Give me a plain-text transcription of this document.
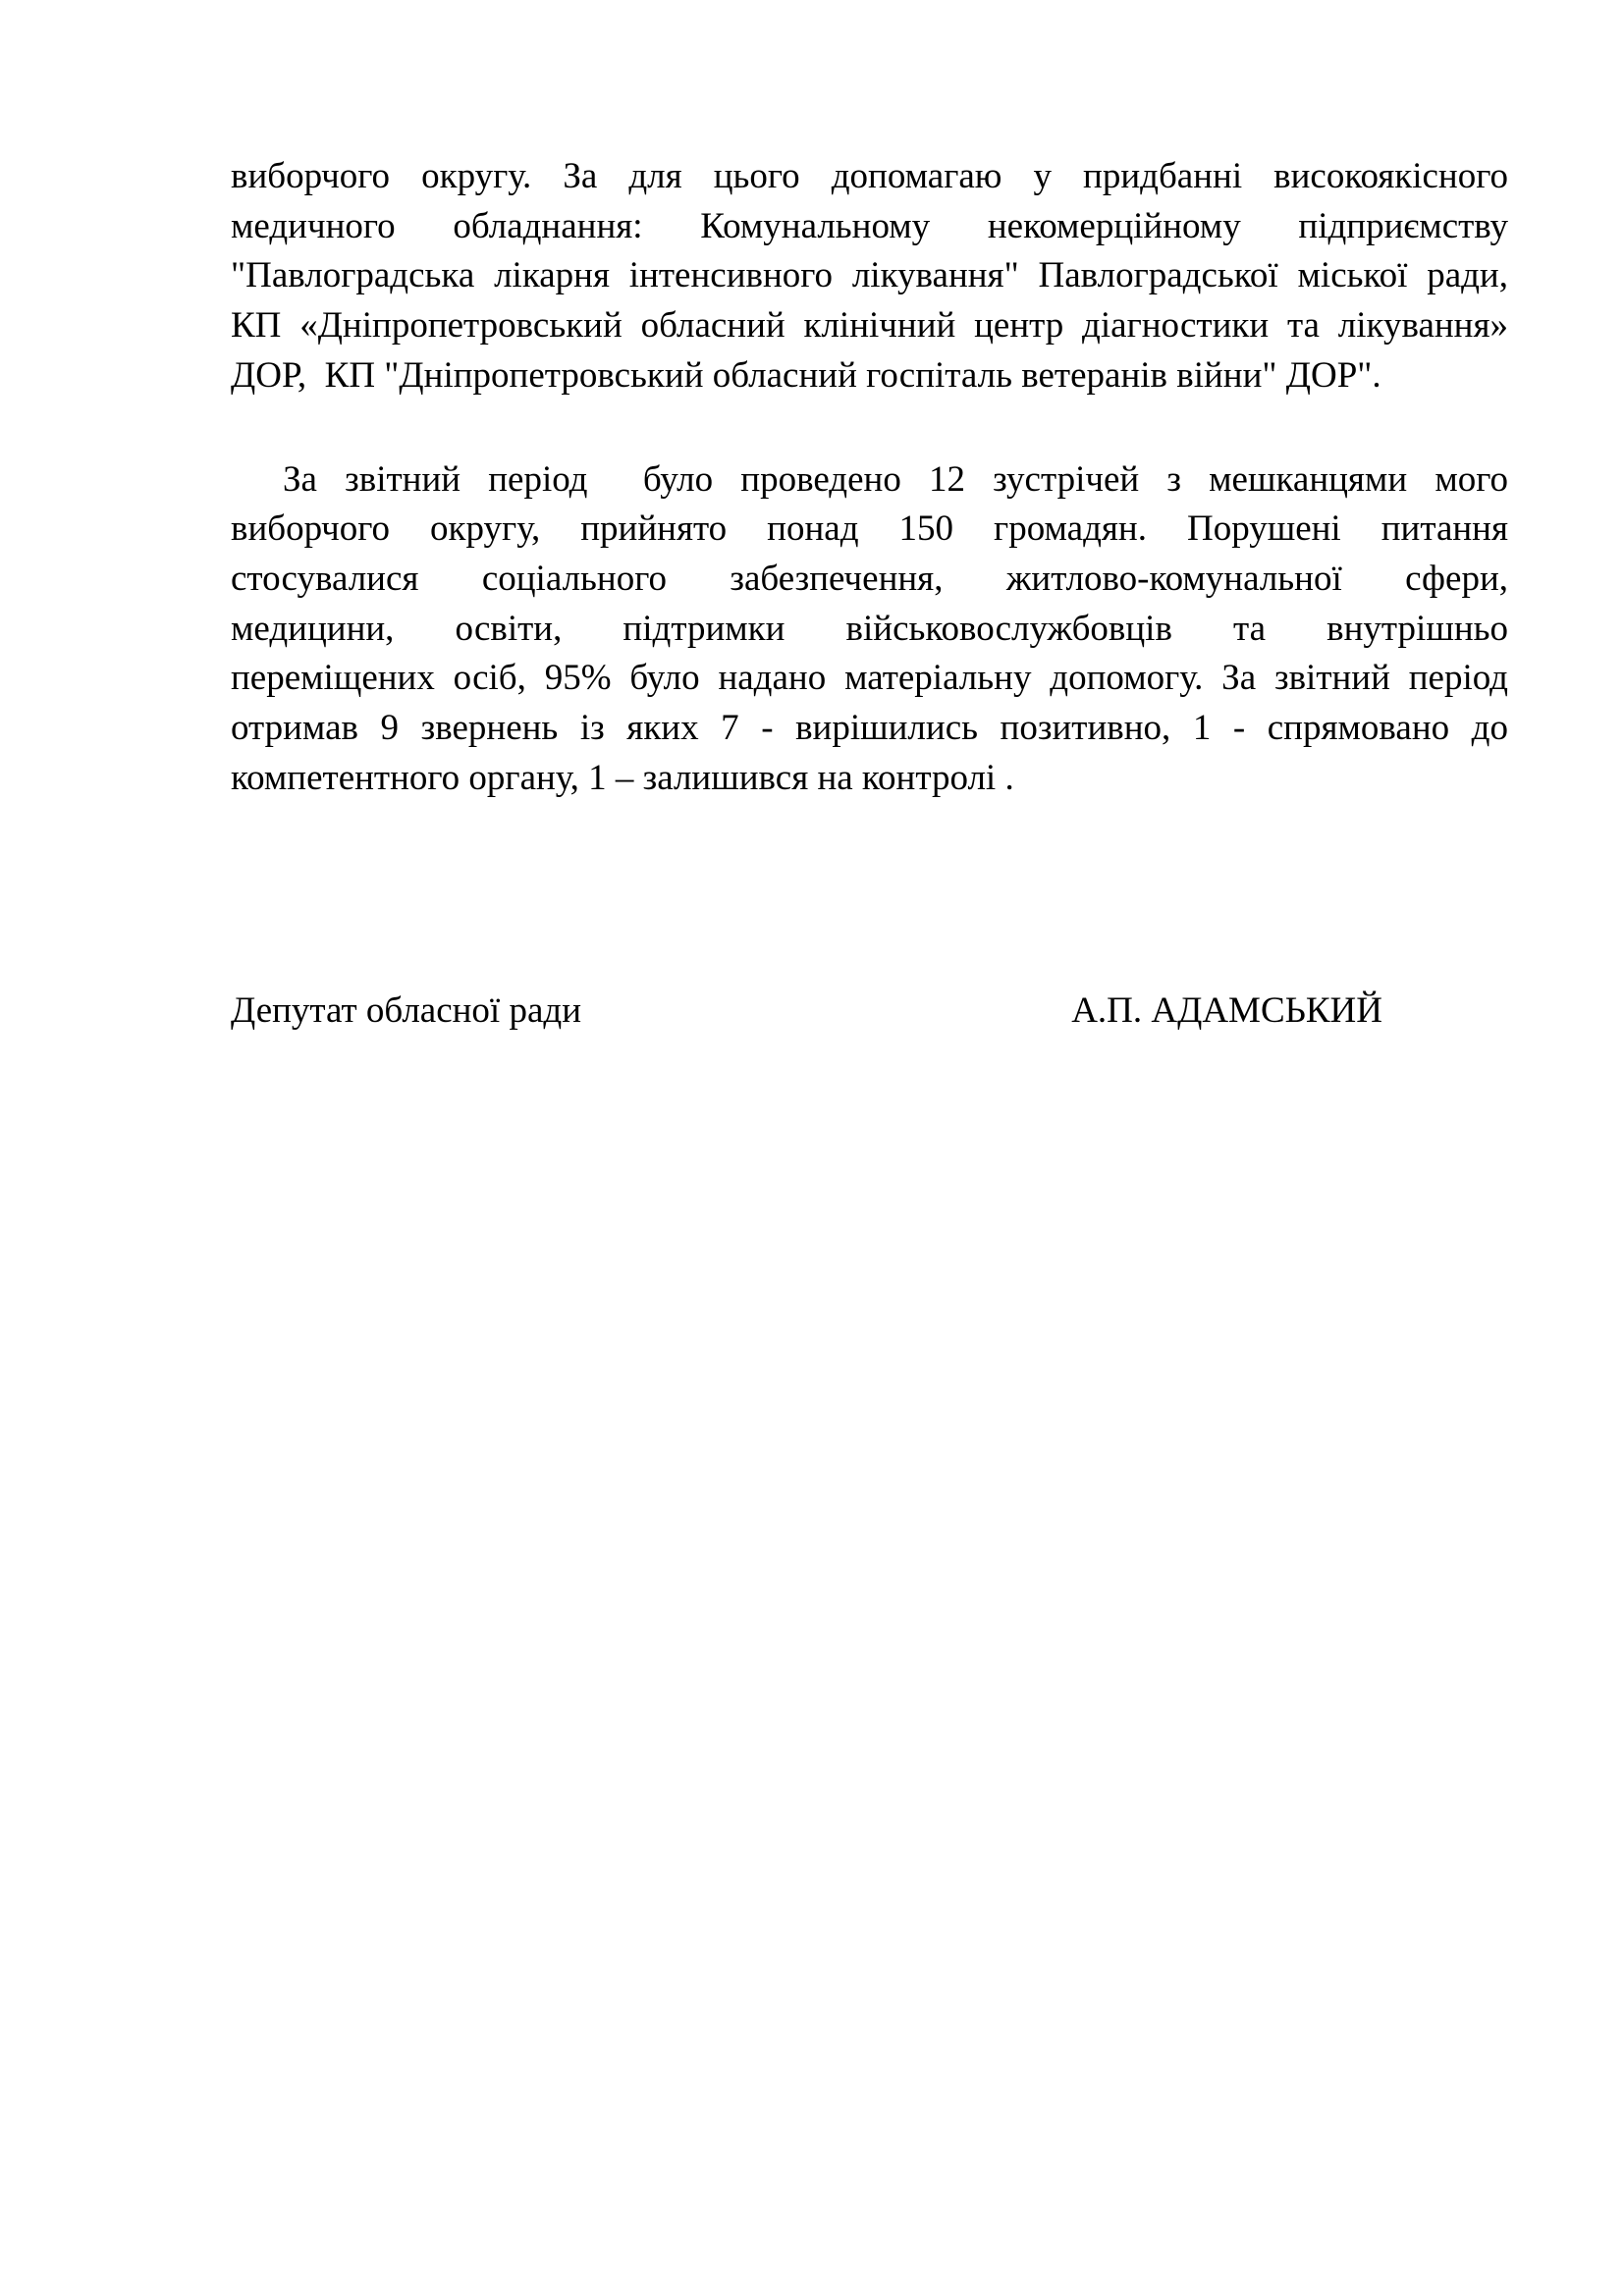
виборчого округу. За для цього допомагаю у придбанні високоякісного
медичного обладнання: Комунальному некомерційному підприємству
"Павлоградська лікарня інтенсивного лікування" Павлоградської міської ради,
КП «Дніпропетровський обласний клінічний центр діагностики та лікування»
ДОР,  КП "Дніпропетровський обласний госпіталь ветеранів війни" ДОР".
За звітний період  було проведено 12 зустрічей з мешканцями мого
виборчого округу, прийнято понад 150 громадян. Порушені питання
стосувалися соціального забезпечення, житлово-комунальної сфери,
медицини, освіти, підтримки військовослужбовців та внутрішньо
переміщених осіб, 95% було надано матеріальну допомогу. За звітний період
отримав 9 звернень із яких 7 - вирішились позитивно, 1 - спрямовано до
компетентного органу, 1 – залишився на контролі .
Депутат обласної ради	А.П. АДАМСЬКИЙ
